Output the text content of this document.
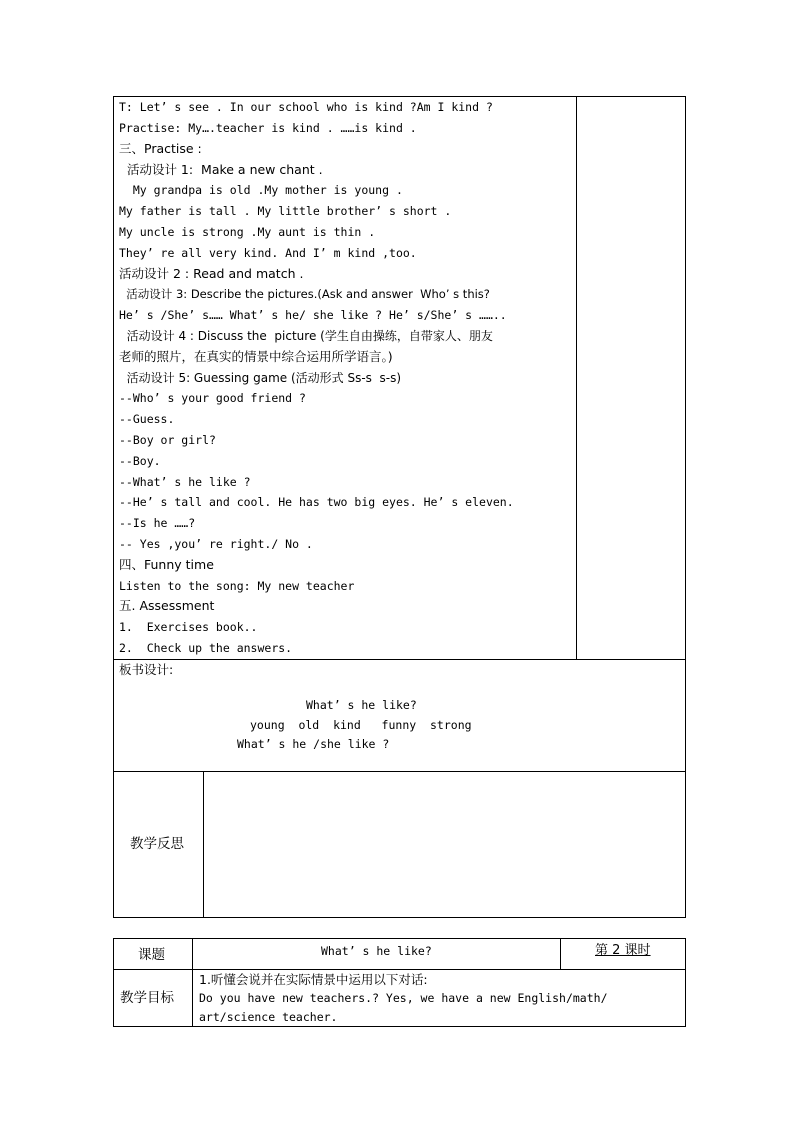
T: Let’ s see . In our school who is kind ?Am I kind ?
Practise: My….teacher is kind . ……is kind .
三、Practise :
活动设计 1:  Make a new chant .
My grandpa is old .My mother is young .
My father is tall . My little brother’ s short .
My uncle is strong .My aunt is thin .
They’ re all very kind. And I’ m kind ,too.
活动设计 2 : Read and match .
活动设计 3: Describe the pictures.(Ask and answer  Who’ s this?
He’ s /She’ s…… What’ s he/ she like ? He’ s/She’ s ……..
活动设计 4 : Discuss the  picture (学生自由操练，自带家人、朋友
老师的照片，在真实的情景中综合运用所学语言。)
活动设计 5: Guessing game (活动形式 Ss-s  s-s)
--Who’ s your good friend ?
--Guess.
--Boy or girl?
--Boy.
--What’ s he like ?
--He’ s tall and cool. He has two big eyes. He’ s eleven.
--Is he ……?
-- Yes ,you’ re right./ No .
四、Funny time
Listen to the song: My new teacher
五. Assessment
1.  Exercises book..
2.  Check up the answers.
板书设计:
What’ s he like?
young  old  kind   funny  strong
What’ s he /she like ?
教学反思
课题	What’ s he like?	第 2 课时
教学目标
1.听懂会说并在实际情景中运用以下对话:
Do you have new teachers.? Yes, we have a new English/math/
art/science teacher.
